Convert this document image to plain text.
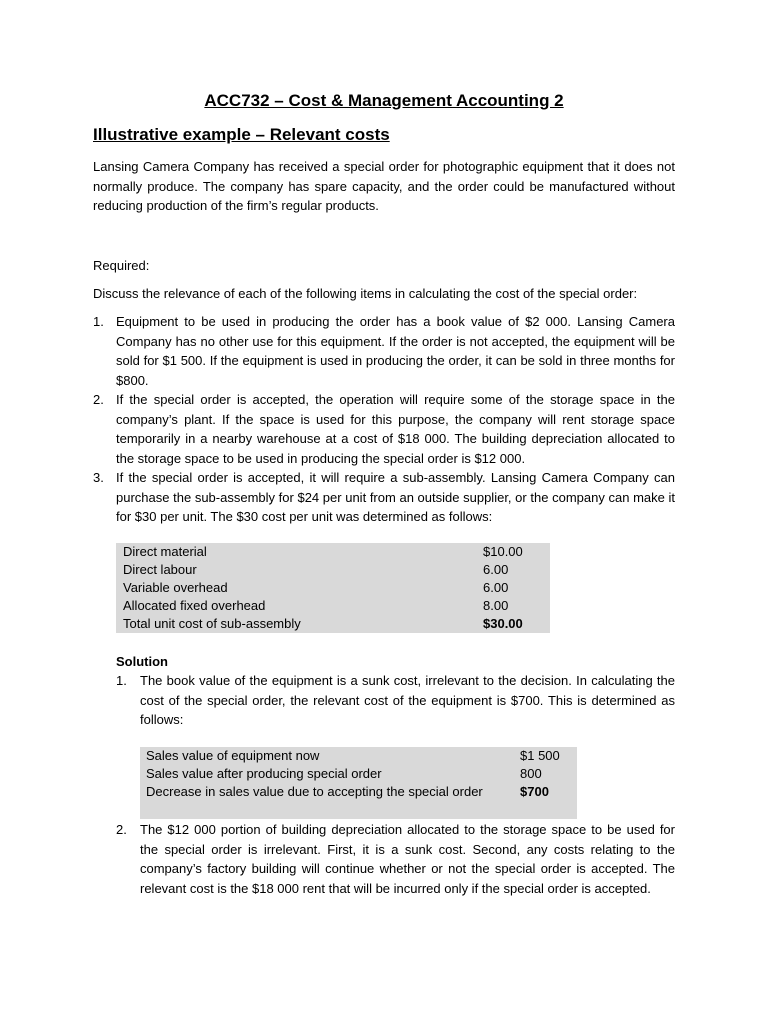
ACC732 – Cost & Management Accounting 2
Illustrative example – Relevant costs
Lansing Camera Company has received a special order for photographic equipment that it does not normally produce. The company has spare capacity, and the order could be manufactured without reducing production of the firm’s regular products.
Required:
Discuss the relevance of each of the following items in calculating the cost of the special order:
1. Equipment to be used in producing the order has a book value of $2 000. Lansing Camera Company has no other use for this equipment. If the order is not accepted, the equipment will be sold for $1 500. If the equipment is used in producing the order, it can be sold in three months for $800.
2. If the special order is accepted, the operation will require some of the storage space in the company’s plant. If the space is used for this purpose, the company will rent storage space temporarily in a nearby warehouse at a cost of $18 000. The building depreciation allocated to the storage space to be used in producing the special order is $12 000.
3. If the special order is accepted, it will require a sub-assembly. Lansing Camera Company can purchase the sub-assembly for $24 per unit from an outside supplier, or the company can make it for $30 per unit. The $30 cost per unit was determined as follows:
Direct material	$10.00
Direct labour	6.00
Variable overhead	6.00
Allocated fixed overhead	8.00
Total unit cost of sub-assembly	$30.00
Solution
1. The book value of the equipment is a sunk cost, irrelevant to the decision. In calculating the cost of the special order, the relevant cost of the equipment is $700. This is determined as follows:
Sales value of equipment now	$1 500
Sales value after producing special order	800
Decrease in sales value due to accepting the special order	$700

2. The $12 000 portion of building depreciation allocated to the storage space to be used for the special order is irrelevant. First, it is a sunk cost. Second, any costs relating to the company’s factory building will continue whether or not the special order is accepted. The relevant cost is the $18 000 rent that will be incurred only if the special order is accepted.
